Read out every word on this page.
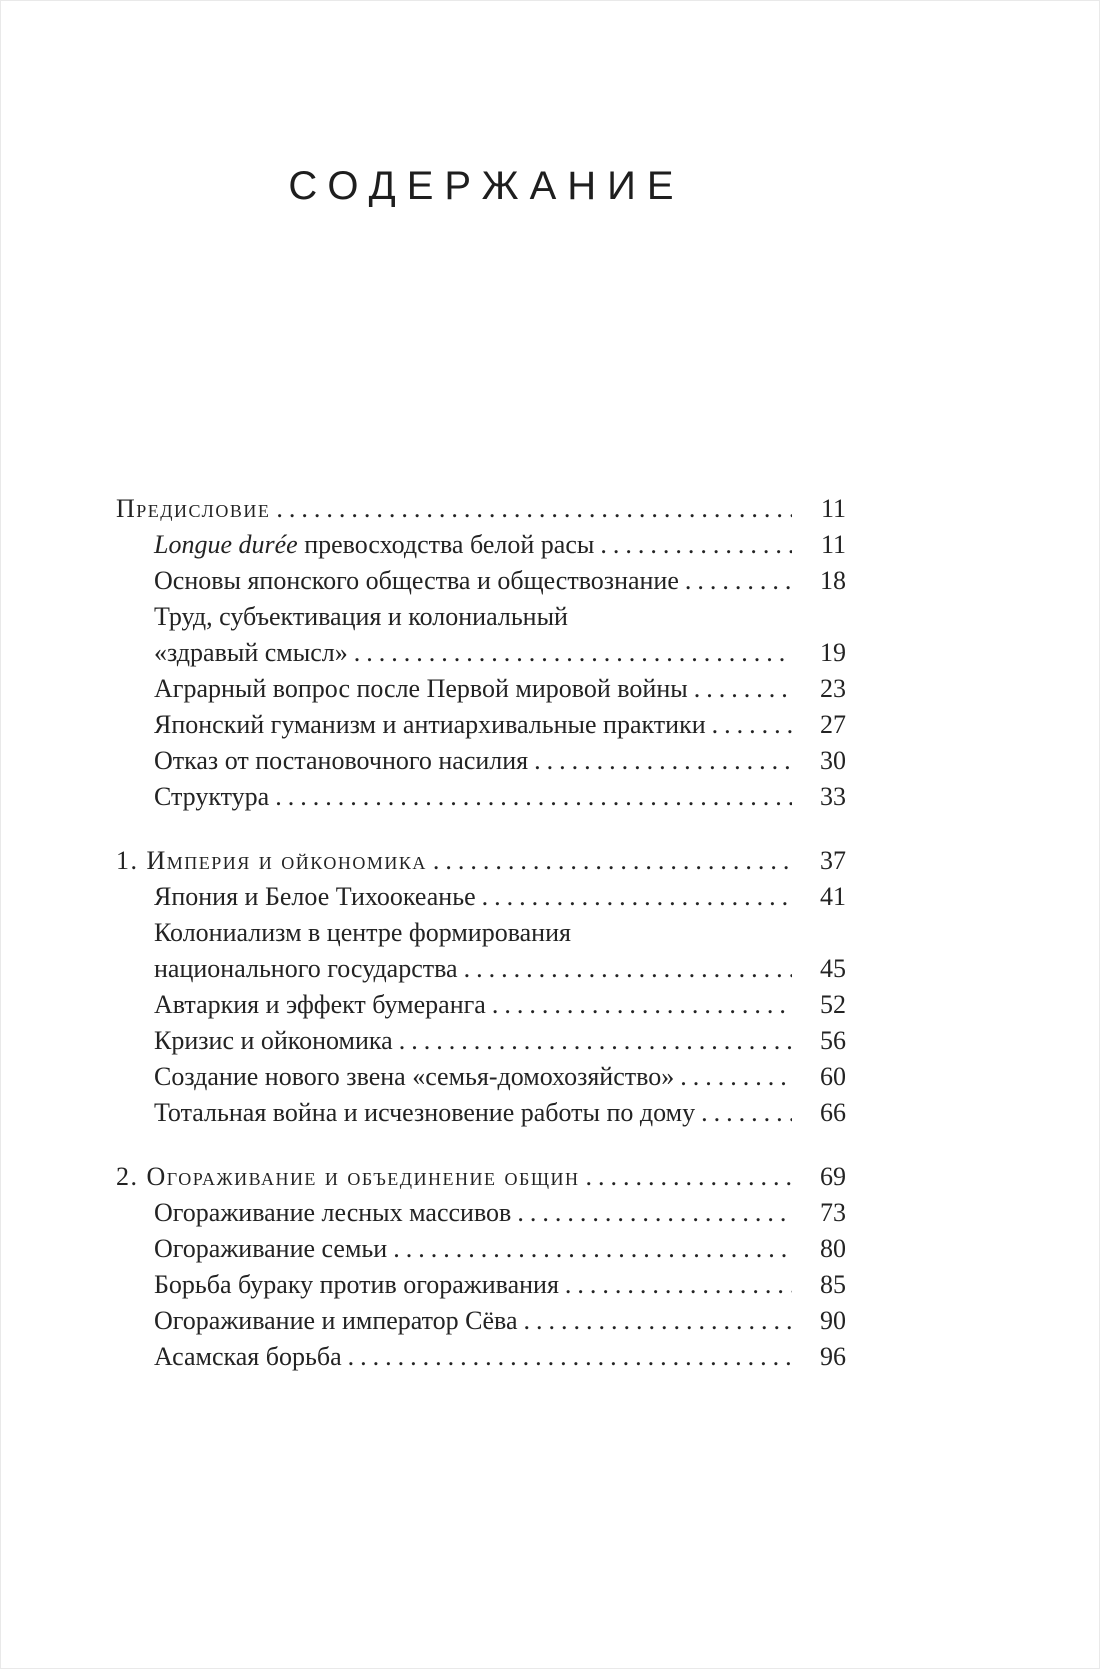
СОДЕРЖАНИЕ
Предисловие .....	11
Longue durée превосходства белой расы .....	11
Основы японского общества и обществознание .....	18
Труд, субъективация и колониальный
«здравый смысл» .....	19
Аграрный вопрос после Первой мировой войны .....	23
Японский гуманизм и антиархивальные практики .....	27
Отказ от постановочного насилия .....	30
Структура .....	33
1. Империя и ойкономика .....	37
Япония и Белое Тихоокеанье .....	41
Колониализм в центре формирования
национального государства .....	45
Автаркия и эффект бумеранга .....	52
Кризис и ойкономика .....	56
Создание нового звена «семья-домохозяйство» .....	60
Тотальная война и исчезновение работы по дому .....	66
2. Огораживание и объединение общин .....	69
Огораживание лесных массивов .....	73
Огораживание семьи .....	80
Борьба бураку против огораживания .....	85
Огораживание и император Сёва .....	90
Асамская борьба .....	96
